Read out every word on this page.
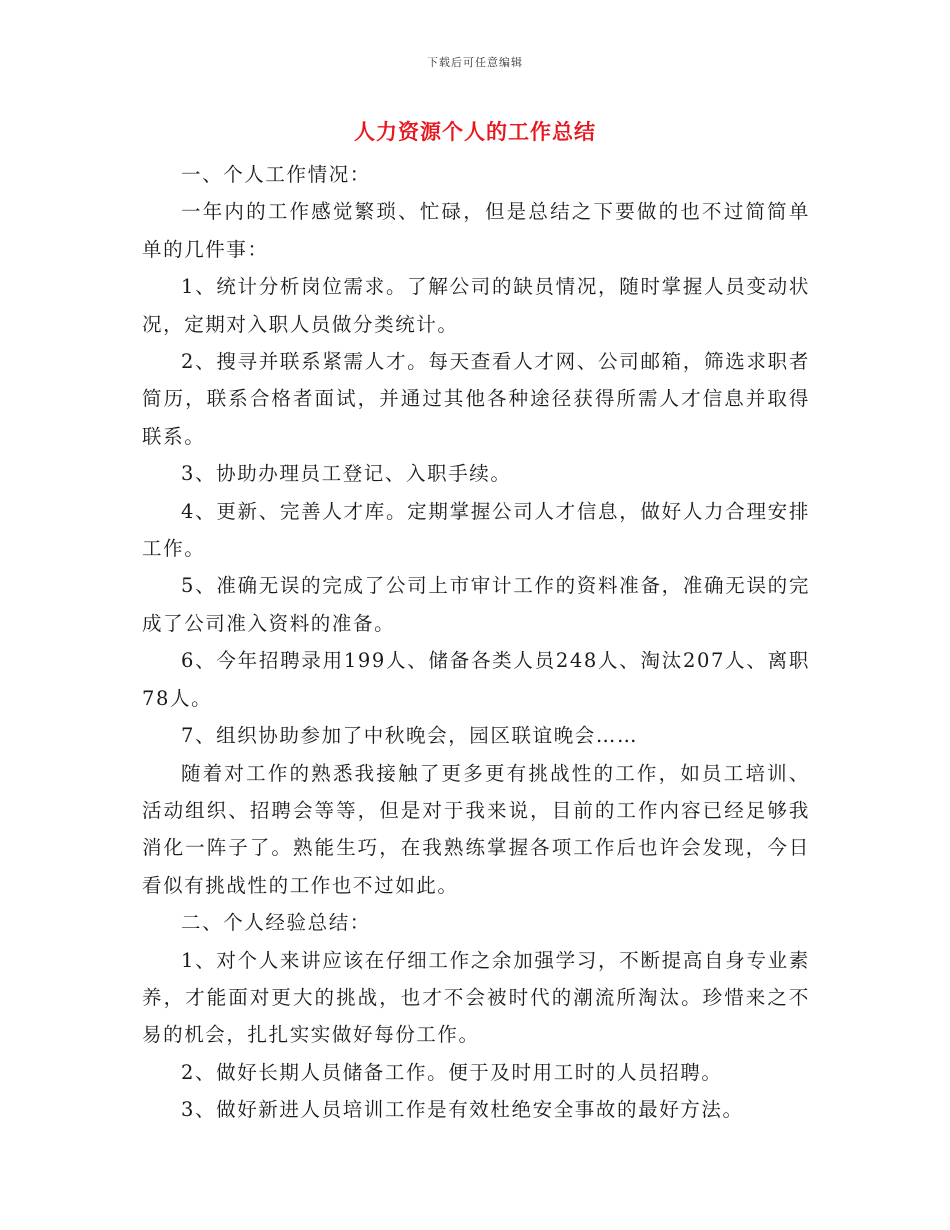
下载后可任意编辑
人力资源个人的工作总结

一、个人工作情况：

一年内的工作感觉繁琐、忙碌，但是总结之下要做的也不过简简单单的几件事：

1、统计分析岗位需求。了解公司的缺员情况，随时掌握人员变动状况，定期对入职人员做分类统计。

2、搜寻并联系紧需人才。每天查看人才网、公司邮箱，筛选求职者简历，联系合格者面试，并通过其他各种途径获得所需人才信息并取得联系。

3、协助办理员工登记、入职手续。

4、更新、完善人才库。定期掌握公司人才信息，做好人力合理安排工作。

5、准确无误的完成了公司上市审计工作的资料准备，准确无误的完成了公司准入资料的准备。

6、今年招聘录用199人、储备各类人员248人、淘汰207人、离职78人。

7、组织协助参加了中秋晚会，园区联谊晚会……

随着对工作的熟悉我接触了更多更有挑战性的工作，如员工培训、活动组织、招聘会等等，但是对于我来说，目前的工作内容已经足够我消化一阵子了。熟能生巧，在我熟练掌握各项工作后也许会发现，今日看似有挑战性的工作也不过如此。

二、个人经验总结：

1、对个人来讲应该在仔细工作之余加强学习，不断提高自身专业素养，才能面对更大的挑战，也才不会被时代的潮流所淘汰。珍惜来之不易的机会，扎扎实实做好每份工作。

2、做好长期人员储备工作。便于及时用工时的人员招聘。

3、做好新进人员培训工作是有效杜绝安全事故的最好方法。
